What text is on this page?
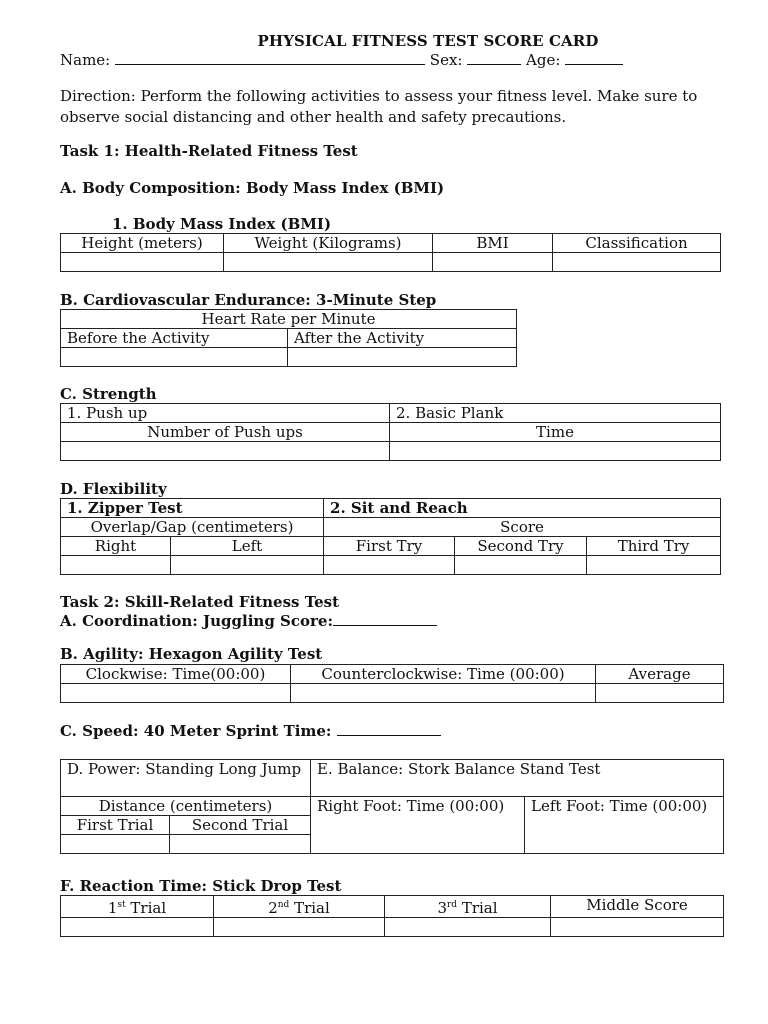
PHYSICAL FITNESS TEST SCORE CARD
Name:	Sex:	Age:
Direction: Perform the following activities to assess your fitness level. Make sure to observe social distancing and other health and safety precautions.
Task 1: Health-Related Fitness Test
A. Body Composition: Body Mass Index (BMI)
1. Body Mass Index (BMI)
Height (meters)	Weight (Kilograms)	BMI	Classification

B. Cardiovascular Endurance: 3-Minute Step
Heart Rate per Minute	
Before the Activity	After the Activity

C. Strength
1. Push up	2. Basic Plank
Number of Push ups	Time

D. Flexibility
1. Zipper Test		2. Sit and Reach		
Overlap/Gap (centimeters)		Score		
Right	Left	First Try	Second Try	Third Try

Task 2: Skill-Related Fitness Test
A. Coordination: Juggling Score:
B. Agility: Hexagon Agility Test
Clockwise: Time(00:00)	Counterclockwise: Time (00:00)	Average

C. Speed: 40 Meter Sprint Time:
D. Power: Standing Long Jump		E. Balance: Stork Balance Stand Test	
Distance (centimeters)		Right Foot: Time (00:00)	Left Foot: Time (00:00)
First Trial	Second Trial		

F. Reaction Time: Stick Drop Test
1st Trial	2nd Trial	3rd Trial	Middle Score
